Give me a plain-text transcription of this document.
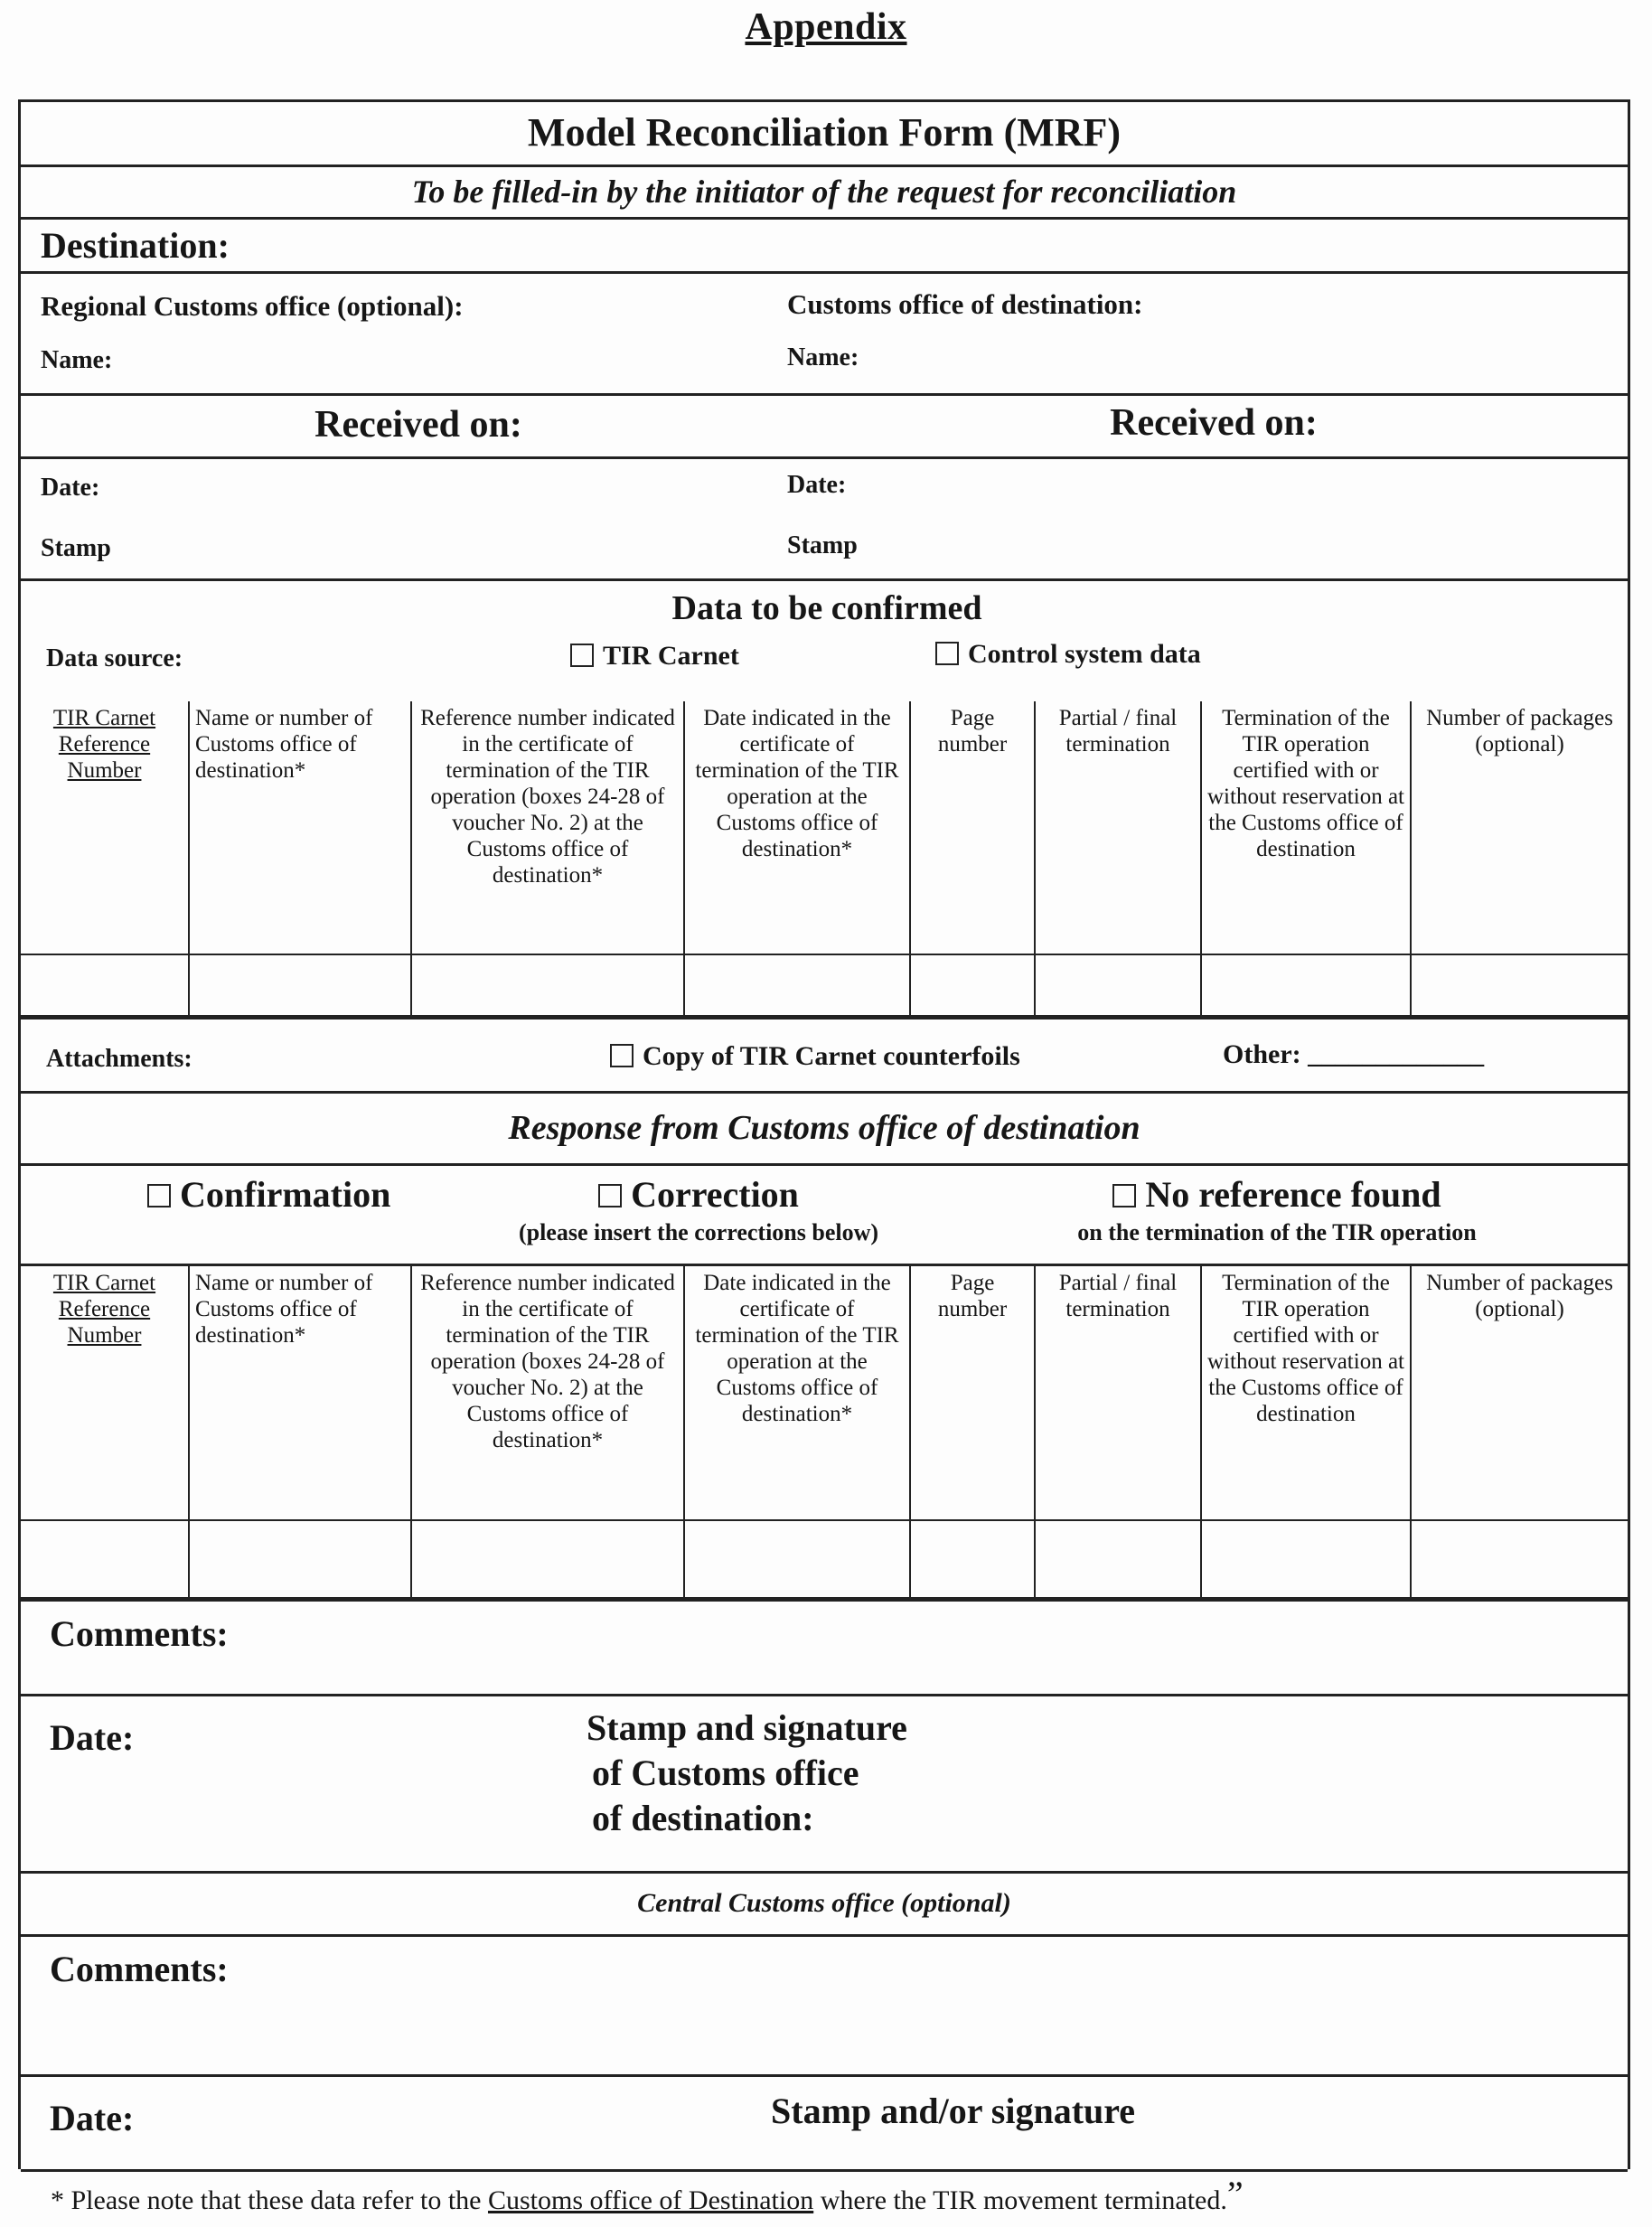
Appendix
Model Reconciliation Form (MRF)
To be filled-in by the initiator of the request for reconciliation
Destination:
Regional Customs office (optional):	Customs office of destination:
Name:	Name:
Received on:	Received on:
Date:	Date:
Stamp	Stamp
Data to be confirmed
Data source:	TIR Carnet	Control system data
TIR Carnet Reference Number	Name or number of Customs office of destination*	Reference number indicated in the certificate of termination of the TIR operation (boxes 24-28 of voucher No. 2) at the Customs office of destination*	Date indicated in the certificate of termination of the TIR operation at the Customs office of destination*	Page number	Partial / final termination	Termination of the TIR operation certified with or without reservation at the Customs office of destination	Number of packages (optional)

Attachments:	Copy of TIR Carnet counterfoils	Other: _____________
Response from Customs office of destination
Confirmation	Correction
(please insert the corrections below)
No reference found
on the termination of the TIR operation
TIR Carnet Reference Number	Name or number of Customs office of destination*	Reference number indicated in the certificate of termination of the TIR operation (boxes 24-28 of voucher No. 2) at the Customs office of destination*	Date indicated in the certificate of termination of the TIR operation at the Customs office of destination*	Page number	Partial / final termination	Termination of the TIR operation certified with or without reservation at the Customs office of destination	Number of packages (optional)

Comments:
Date:	Stamp and signature
of Customs office
of destination:
Central Customs office (optional)
Comments:
Date:	Stamp and/or signature
* Please note that these data refer to the Customs office of Destination where the TIR movement terminated.”
